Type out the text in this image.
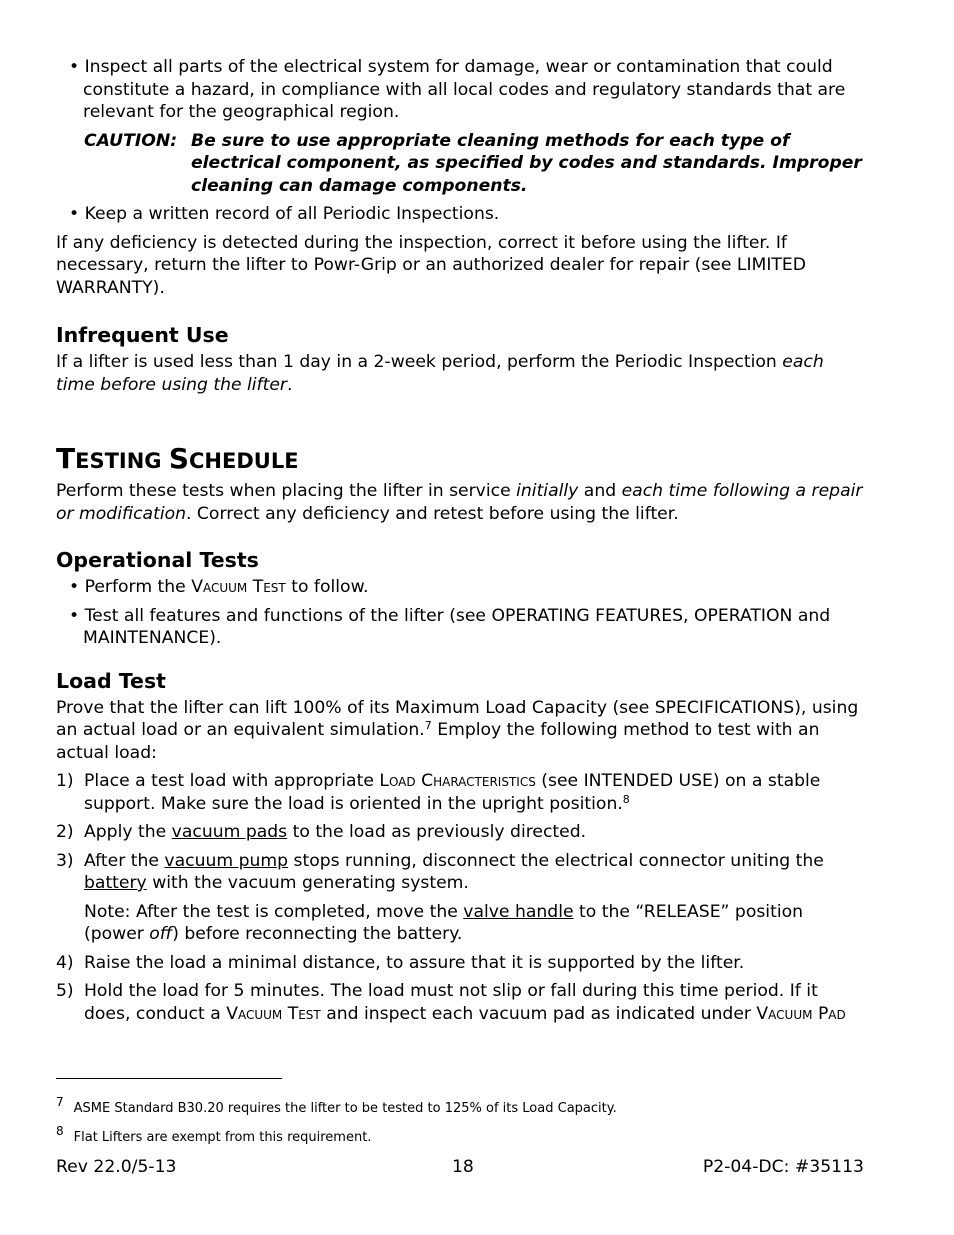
• Inspect all parts of the electrical system for damage, wear or contamination that could constitute a hazard, in compliance with all local codes and regulatory standards that are relevant for the geographical region.

CAUTION: Be sure to use appropriate cleaning methods for each type of electrical component, as specified by codes and standards. Improper cleaning can damage components.

• Keep a written record of all Periodic Inspections.

If any deficiency is detected during the inspection, correct it before using the lifter. If necessary, return the lifter to Powr-Grip or an authorized dealer for repair (see LIMITED WARRANTY).

Infrequent Use

If a lifter is used less than 1 day in a 2-week period, perform the Periodic Inspection each time before using the lifter.

TESTING SCHEDULE

Perform these tests when placing the lifter in service initially and each time following a repair or modification. Correct any deficiency and retest before using the lifter.

Operational Tests

• Perform the Vacuum Test to follow.

• Test all features and functions of the lifter (see OPERATING FEATURES, OPERATION and MAINTENANCE).

Load Test

Prove that the lifter can lift 100% of its Maximum Load Capacity (see SPECIFICATIONS), using an actual load or an equivalent simulation.$^7$ Employ the following method to test with an actual load:

1) Place a test load with appropriate Load Characteristics (see INTENDED USE) on a stable support. Make sure the load is oriented in the upright position.$^8$

2) Apply the vacuum pads to the load as previously directed.

3) After the vacuum pump stops running, disconnect the electrical connector uniting the battery with the vacuum generating system.

Note: After the test is completed, move the valve handle to the “RELEASE” position (power off) before reconnecting the battery.

4) Raise the load a minimal distance, to assure that it is supported by the lifter.

5) Hold the load for 5 minutes. The load must not slip or fall during this time period. If it does, conduct a Vacuum Test and inspect each vacuum pad as indicated under Vacuum Pad

7 ASME Standard B30.20 requires the lifter to be tested to 125% of its Load Capacity.
8 Flat Lifters are exempt from this requirement.
Rev 22.0/5-13	18	P2-04-DC: #35113
